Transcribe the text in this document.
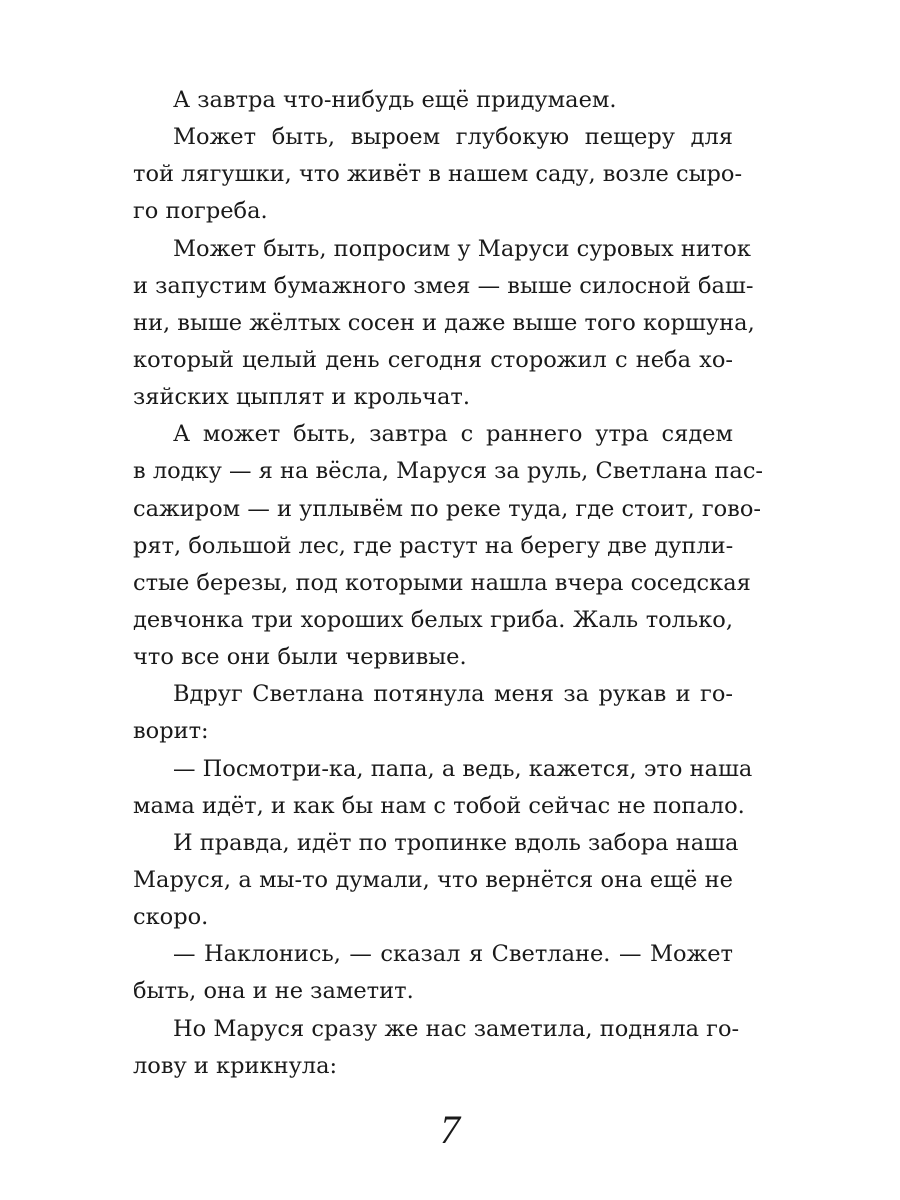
А завтра что-нибудь ещё придумаем.
Может быть, выроем глубокую пещеру для
той лягушки, что живёт в нашем саду, возле сыро-
го погреба.
Может быть, попросим у Маруси суровых ниток
и запустим бумажного змея — выше силосной баш-
ни, выше жёлтых сосен и даже выше того коршуна,
который целый день сегодня сторожил с неба хо-
зяйских цыплят и крольчат.
А может быть, завтра с раннего утра сядем
в лодку — я на вёсла, Маруся за руль, Светлана пас-
сажиром — и уплывём по реке туда, где стоит, гово-
рят, большой лес, где растут на берегу две дупли-
стые березы, под которыми нашла вчера соседская
девчонка три хороших белых гриба. Жаль только,
что все они были червивые.
Вдруг Светлана потянула меня за рукав и го-
ворит:
— Посмотри-ка, папа, а ведь, кажется, это наша
мама идёт, и как бы нам с тобой сейчас не попало.
И правда, идёт по тропинке вдоль забора наша
Маруся, а мы-то думали, что вернётся она ещё не
скоро.
— Наклонись, — сказал я Светлане. — Может
быть, она и не заметит.
Но Маруся сразу же нас заметила, подняла го-
лову и крикнула:
7
